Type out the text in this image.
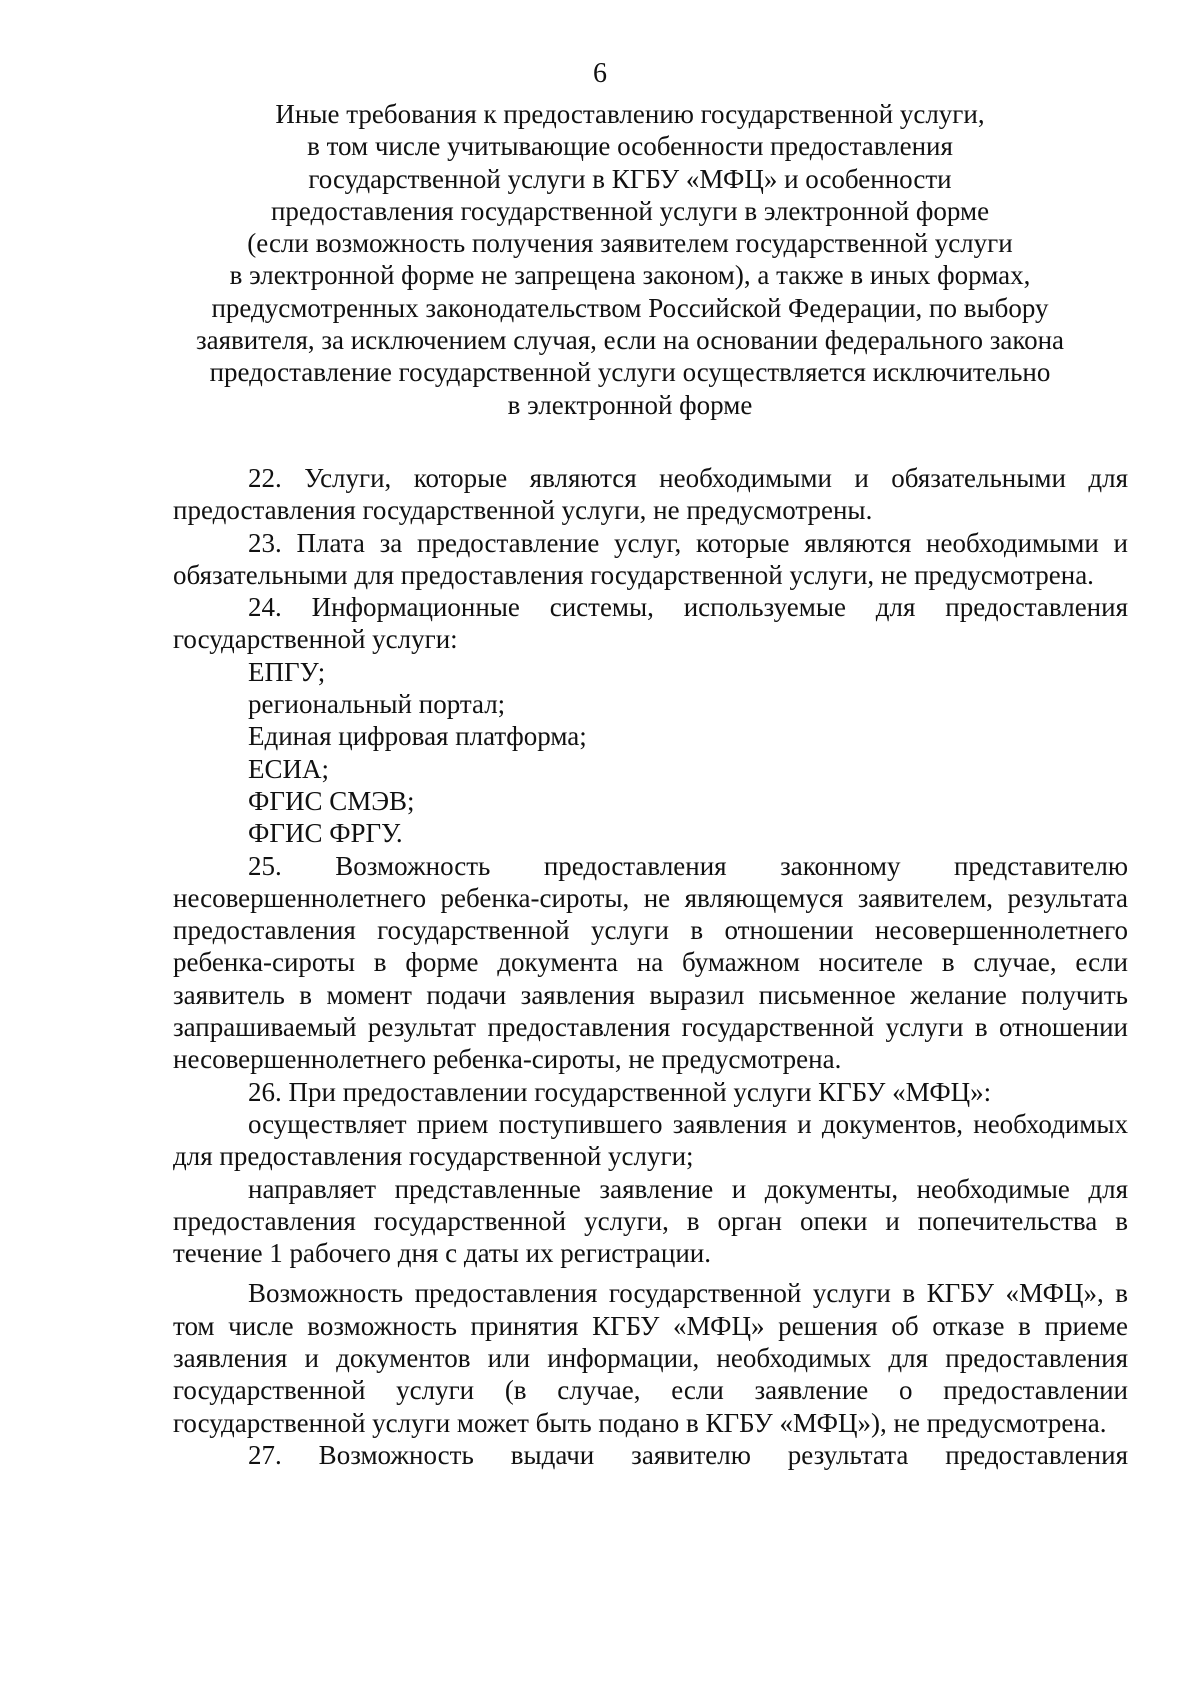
6
Иные требования к предоставлению государственной услуги,
в том числе учитывающие особенности предоставления
государственной услуги в КГБУ «МФЦ» и особенности
предоставления государственной услуги в электронной форме
(если возможность получения заявителем государственной услуги
в электронной форме не запрещена законом), а также в иных формах,
предусмотренных законодательством Российской Федерации, по выбору
заявителя, за исключением случая, если на основании федерального закона
предоставление государственной услуги осуществляется исключительно
в электронной форме

22. Услуги, которые являются необходимыми и обязательными для предоставления государственной услуги, не предусмотрены.

23. Плата за предоставление услуг, которые являются необходимыми и обязательными для предоставления государственной услуги, не предусмотрена.

24. Информационные системы, используемые для предоставления государственной услуги:

ЕПГУ;

региональный портал;

Единая цифровая платформа;

ЕСИА;

ФГИС СМЭВ;

ФГИС ФРГУ.

25. Возможность предоставления законному представителю несовершеннолетнего ребенка-сироты, не являющемуся заявителем, результата предоставления государственной услуги в отношении несовершеннолетнего ребенка-сироты в форме документа на бумажном носителе в случае, если заявитель в момент подачи заявления выразил письменное желание получить запрашиваемый результат предоставления государственной услуги в отношении несовершеннолетнего ребенка-сироты, не предусмотрена.

26. При предоставлении государственной услуги КГБУ «МФЦ»:

осуществляет прием поступившего заявления и документов, необходимых для предоставления государственной услуги;

направляет представленные заявление и документы, необходимые для предоставления государственной услуги, в орган опеки и попечительства в течение 1 рабочего дня с даты их регистрации.

Возможность предоставления государственной услуги в КГБУ «МФЦ», в том числе возможность принятия КГБУ «МФЦ» решения об отказе в приеме заявления и документов или информации, необходимых для предоставления государственной услуги (в случае, если заявление о предоставлении государственной услуги может быть подано в КГБУ «МФЦ»), не предусмотрена.

27. Возможность выдачи заявителю результата предоставления
